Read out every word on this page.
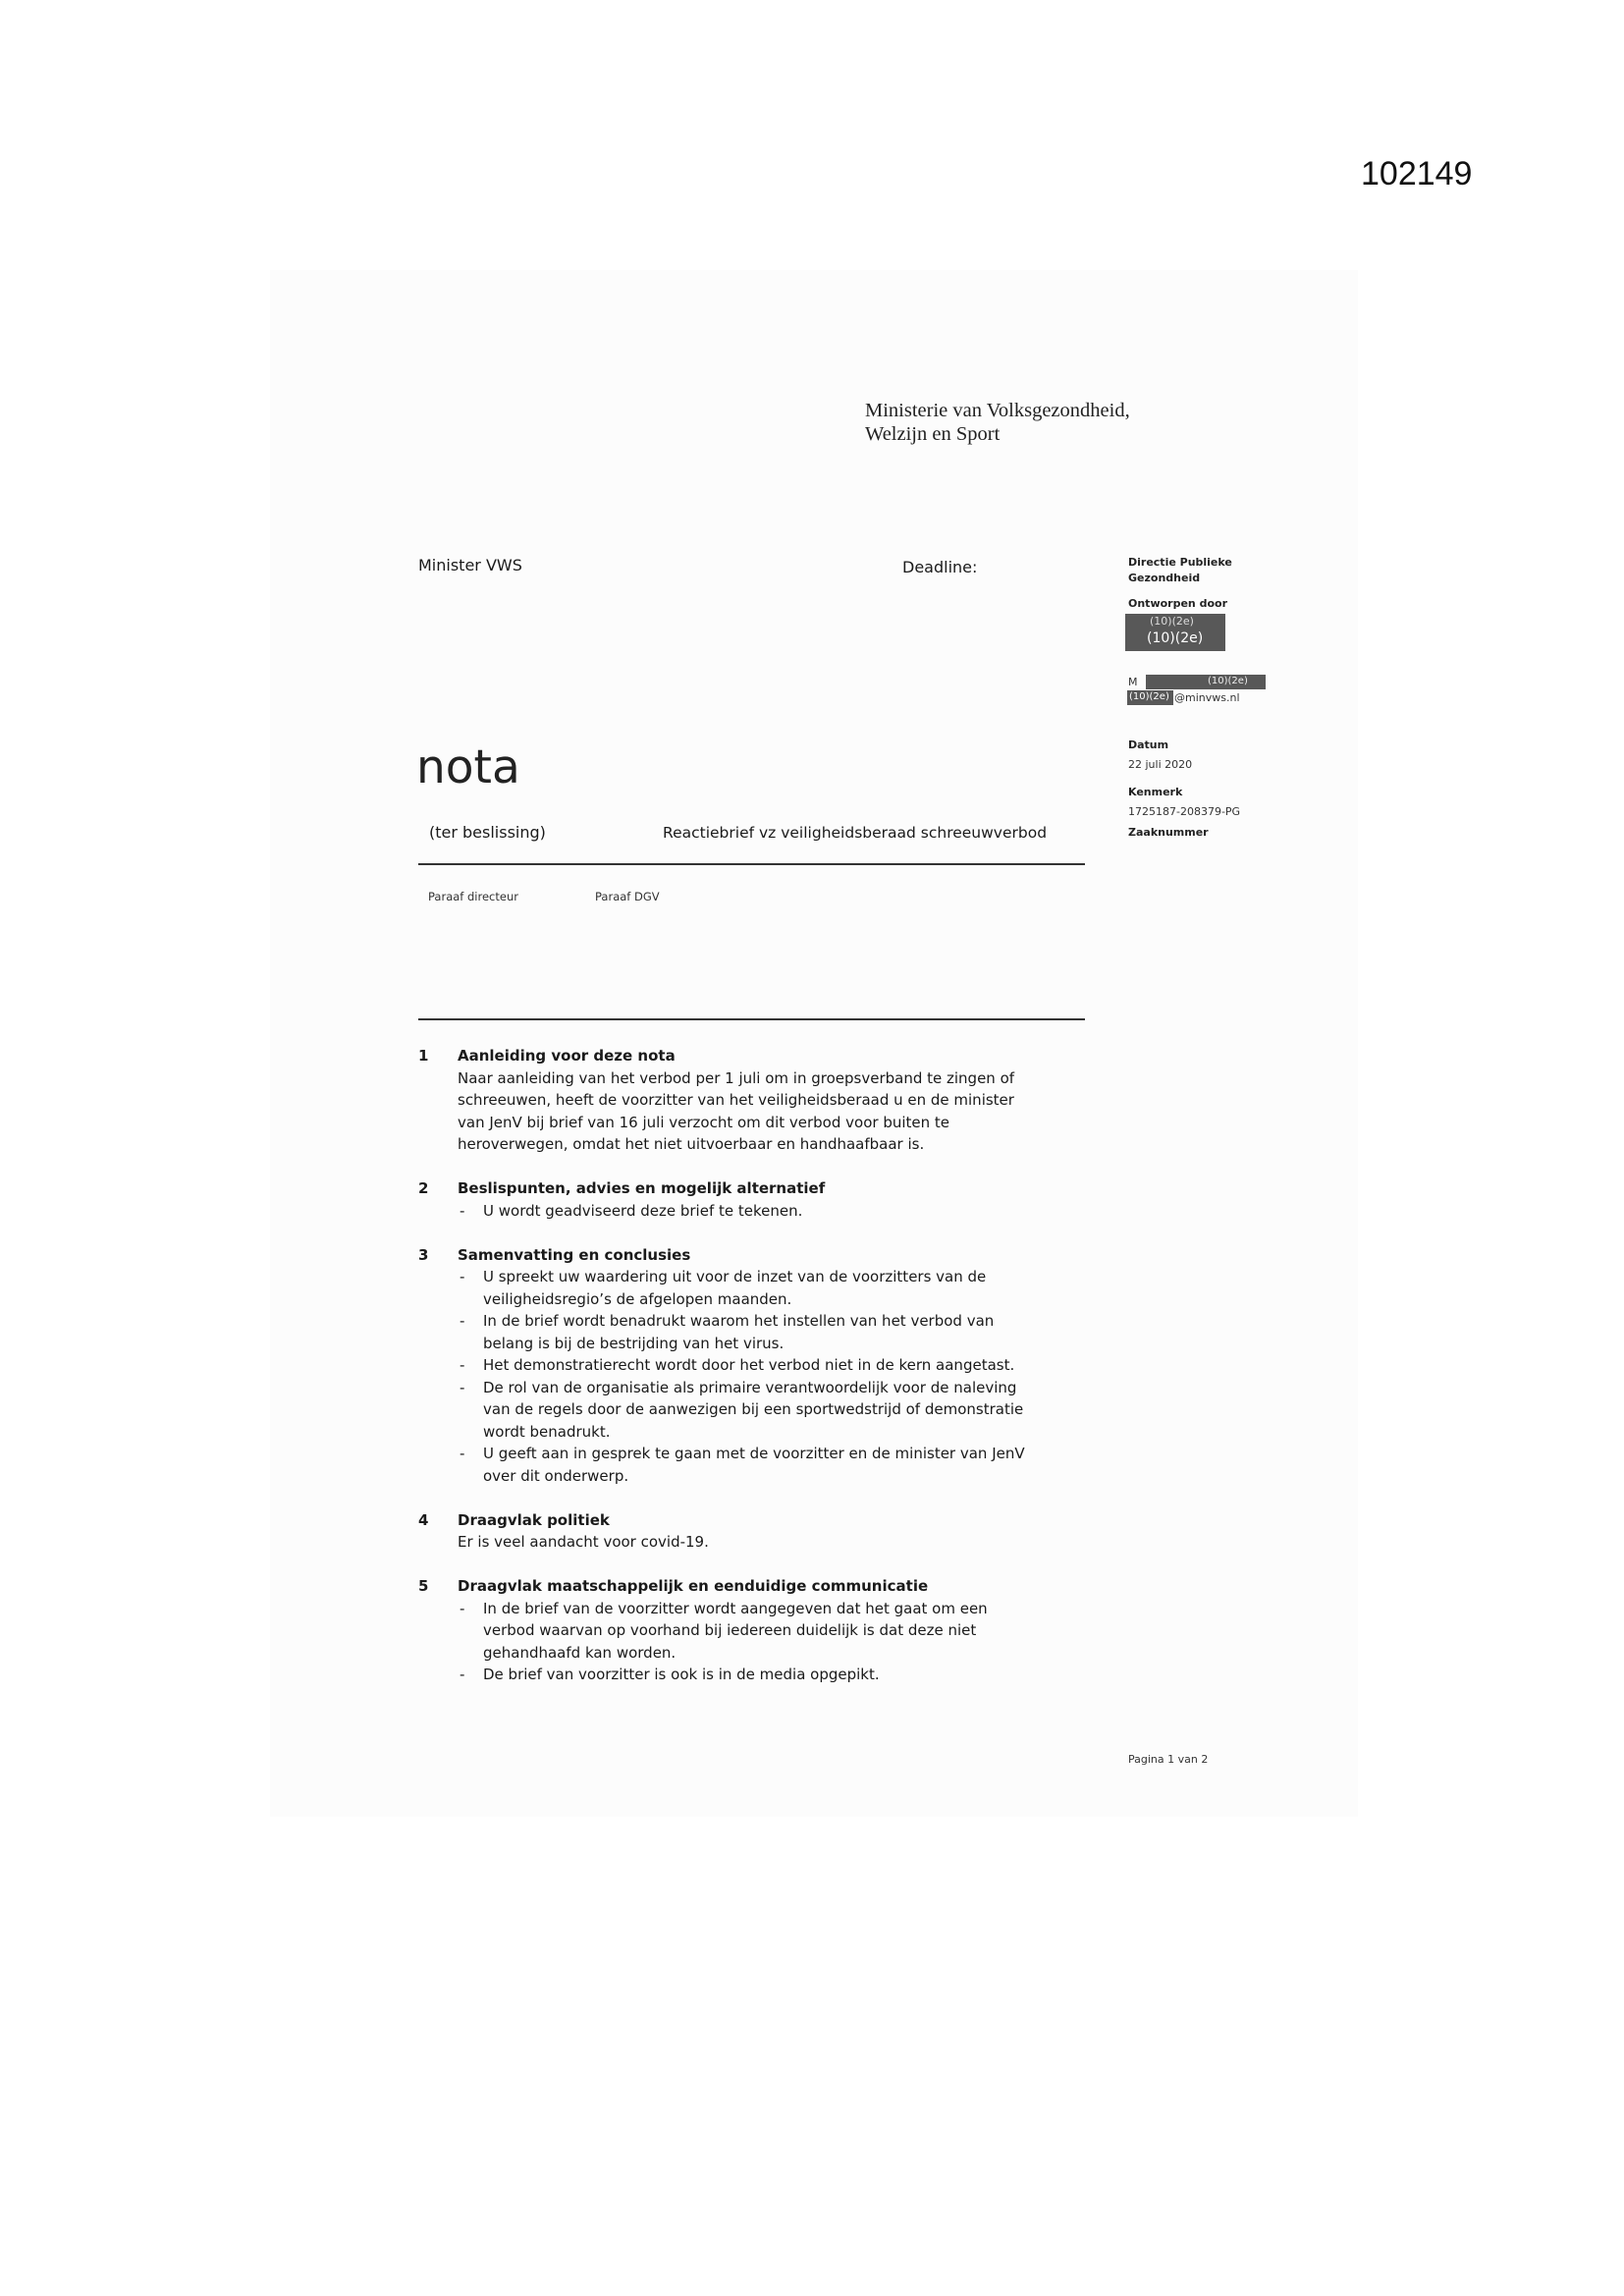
102149
Ministerie van Volksgezondheid,
Welzijn en Sport
Minister VWS	Deadline:	Directie Publieke
Gezondheid
Ontworpen door
(10)(2e)
(10)(2e)
M	(10)(2e)
(10)(2e) @minvws.nl
Datum
22 juli 2020
Kenmerk
1725187-208379-PG
Zaaknummer
nota
(ter beslissing)	Reactiebrief vz veiligheidsberaad schreeuwverbod
Paraaf directeur	Paraaf DGV
1 Aanleiding voor deze nota
Naar aanleiding van het verbod per 1 juli om in groepsverband te zingen of
schreeuwen, heeft de voorzitter van het veiligheidsberaad u en de minister
van JenV bij brief van 16 juli verzocht om dit verbod voor buiten te
heroverwegen, omdat het niet uitvoerbaar en handhaafbaar is.
2 Beslispunten, advies en mogelijk alternatief
- U wordt geadviseerd deze brief te tekenen.
3 Samenvatting en conclusies
- U spreekt uw waardering uit voor de inzet van de voorzitters van de
veiligheidsregio’s de afgelopen maanden.
- In de brief wordt benadrukt waarom het instellen van het verbod van
belang is bij de bestrijding van het virus.
- Het demonstratierecht wordt door het verbod niet in de kern aangetast.
- De rol van de organisatie als primaire verantwoordelijk voor de naleving
van de regels door de aanwezigen bij een sportwedstrijd of demonstratie
wordt benadrukt.
- U geeft aan in gesprek te gaan met de voorzitter en de minister van JenV
over dit onderwerp.
4 Draagvlak politiek
Er is veel aandacht voor covid-19.
5 Draagvlak maatschappelijk en eenduidige communicatie
- In de brief van de voorzitter wordt aangegeven dat het gaat om een
verbod waarvan op voorhand bij iedereen duidelijk is dat deze niet
gehandhaafd kan worden.
- De brief van voorzitter is ook is in de media opgepikt.
Pagina 1 van 2
